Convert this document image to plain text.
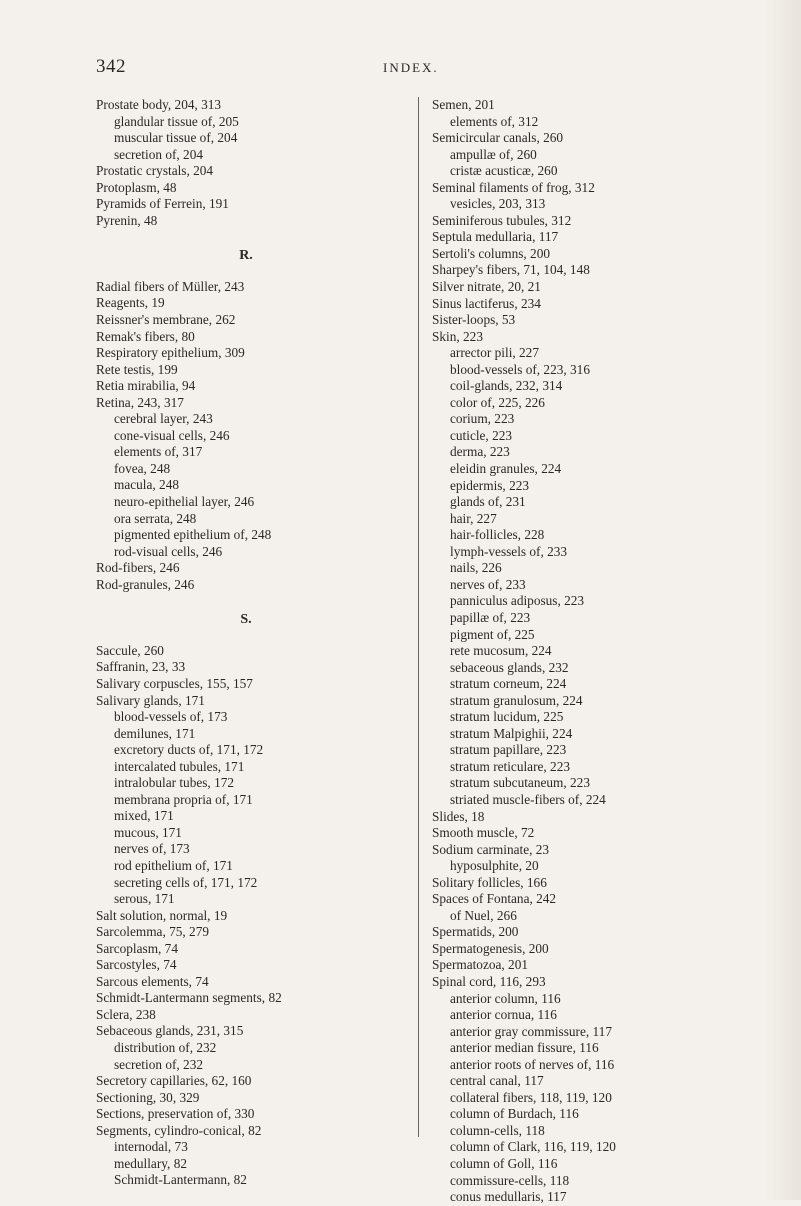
342	INDEX.
Prostate body, 204, 313
glandular tissue of, 205
muscular tissue of, 204
secretion of, 204
Prostatic crystals, 204
Protoplasm, 48
Pyramids of Ferrein, 191
Pyrenin, 48
R.
Radial fibers of Müller, 243
Reagents, 19
Reissner's membrane, 262
Remak's fibers, 80
Respiratory epithelium, 309
Rete testis, 199
Retia mirabilia, 94
Retina, 243, 317
cerebral layer, 243
cone-visual cells, 246
elements of, 317
fovea, 248
macula, 248
neuro-epithelial layer, 246
ora serrata, 248
pigmented epithelium of, 248
rod-visual cells, 246
Rod-fibers, 246
Rod-granules, 246
S.
Saccule, 260
Saffranin, 23, 33
Salivary corpuscles, 155, 157
Salivary glands, 171
blood-vessels of, 173
demilunes, 171
excretory ducts of, 171, 172
intercalated tubules, 171
intralobular tubes, 172
membrana propria of, 171
mixed, 171
mucous, 171
nerves of, 173
rod epithelium of, 171
secreting cells of, 171, 172
serous, 171
Salt solution, normal, 19
Sarcolemma, 75, 279
Sarcoplasm, 74
Sarcostyles, 74
Sarcous elements, 74
Schmidt-Lantermann segments, 82
Sclera, 238
Sebaceous glands, 231, 315
distribution of, 232
secretion of, 232
Secretory capillaries, 62, 160
Sectioning, 30, 329
Sections, preservation of, 330
Segments, cylindro-conical, 82
internodal, 73
medullary, 82
Schmidt-Lantermann, 82
Semen, 201
elements of, 312
Semicircular canals, 260
ampullæ of, 260
cristæ acusticæ, 260
Seminal filaments of frog, 312
vesicles, 203, 313
Seminiferous tubules, 312
Septula medullaria, 117
Sertoli's columns, 200
Sharpey's fibers, 71, 104, 148
Silver nitrate, 20, 21
Sinus lactiferus, 234
Sister-loops, 53
Skin, 223
arrector pili, 227
blood-vessels of, 223, 316
coil-glands, 232, 314
color of, 225, 226
corium, 223
cuticle, 223
derma, 223
eleidin granules, 224
epidermis, 223
glands of, 231
hair, 227
hair-follicles, 228
lymph-vessels of, 233
nails, 226
nerves of, 233
panniculus adiposus, 223
papillæ of, 223
pigment of, 225
rete mucosum, 224
sebaceous glands, 232
stratum corneum, 224
stratum granulosum, 224
stratum lucidum, 225
stratum Malpighii, 224
stratum papillare, 223
stratum reticulare, 223
stratum subcutaneum, 223
striated muscle-fibers of, 224
Slides, 18
Smooth muscle, 72
Sodium carminate, 23
hyposulphite, 20
Solitary follicles, 166
Spaces of Fontana, 242
of Nuel, 266
Spermatids, 200
Spermatogenesis, 200
Spermatozoa, 201
Spinal cord, 116, 293
anterior column, 116
anterior cornua, 116
anterior gray commissure, 117
anterior median fissure, 116
anterior roots of nerves of, 116
central canal, 117
collateral fibers, 118, 119, 120
column of Burdach, 116
column-cells, 118
column of Clark, 116, 119, 120
column of Goll, 116
commissure-cells, 118
conus medullaris, 117
